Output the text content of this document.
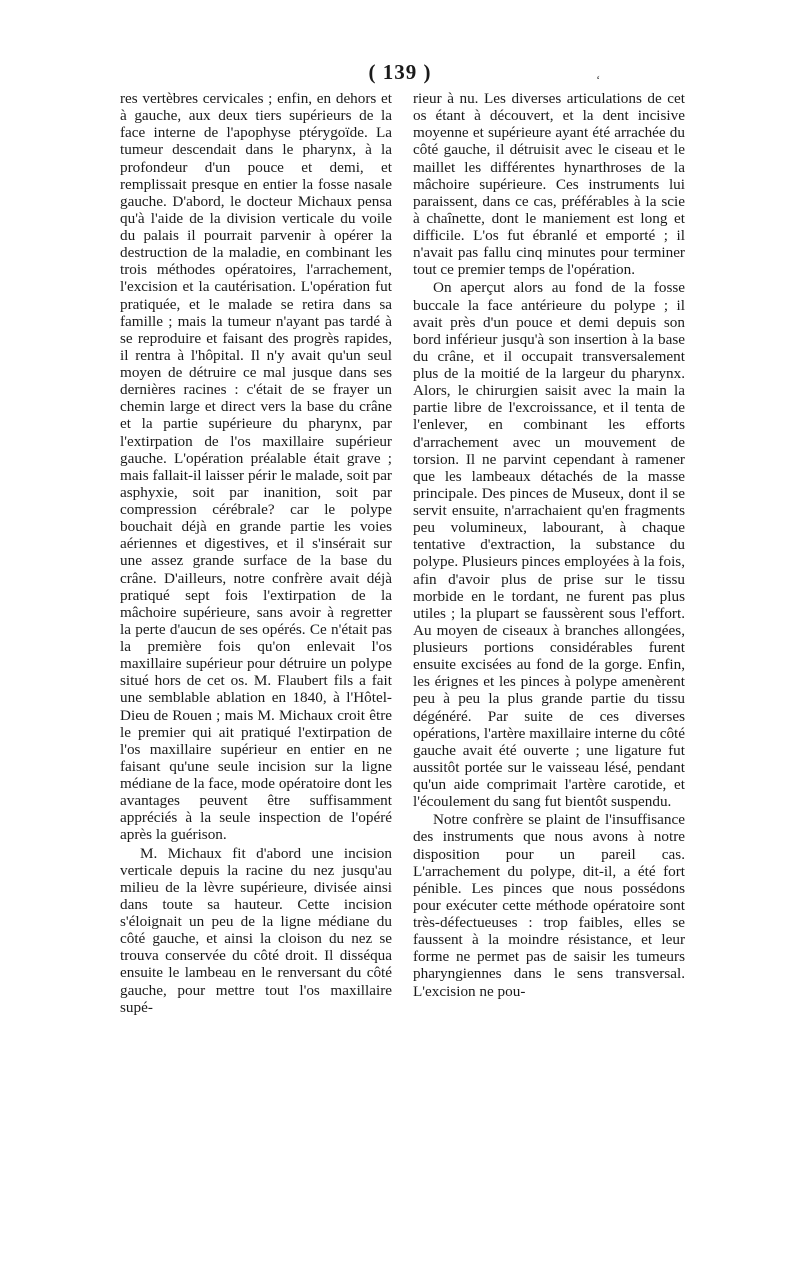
( 139 )	ʻ

res vertèbres cervicales ; enfin, en dehors et à gauche, aux deux tiers supérieurs de la face interne de l'apophyse ptérygoïde. La tumeur descendait dans le pharynx, à la profondeur d'un pouce et demi, et remplissait presque en entier la fosse nasale gauche. D'abord, le docteur Michaux pensa qu'à l'aide de la division verticale du voile du palais il pourrait parvenir à opérer la destruction de la maladie, en combinant les trois méthodes opératoires, l'arrachement, l'excision et la cautérisation. L'opération fut pratiquée, et le malade se retira dans sa famille ; mais la tumeur n'ayant pas tardé à se reproduire et faisant des progrès rapides, il rentra à l'hôpital. Il n'y avait qu'un seul moyen de détruire ce mal jusque dans ses dernières racines : c'était de se frayer un chemin large et direct vers la base du crâne et la partie supérieure du pharynx, par l'extirpation de l'os maxillaire supérieur gauche. L'opération préalable était grave ; mais fallait-il laisser périr le malade, soit par asphyxie, soit par inanition, soit par compression cérébrale? car le polype bouchait déjà en grande partie les voies aériennes et digestives, et il s'insérait sur une assez grande surface de la base du crâne. D'ailleurs, notre confrère avait déjà pratiqué sept fois l'extirpation de la mâchoire supérieure, sans avoir à regretter la perte d'aucun de ses opérés. Ce n'était pas la première fois qu'on enlevait l'os maxillaire supérieur pour détruire un polype situé hors de cet os. M. Flaubert fils a fait une semblable ablation en 1840, à l'Hôtel-Dieu de Rouen ; mais M. Michaux croit être le premier qui ait pratiqué l'extirpation de l'os maxillaire supérieur en entier en ne faisant qu'une seule incision sur la ligne médiane de la face, mode opératoire dont les avantages peuvent être suffisamment appréciés à la seule inspection de l'opéré après la guérison.

M. Michaux fit d'abord une incision verticale depuis la racine du nez jusqu'au milieu de la lèvre supérieure, divisée ainsi dans toute sa hauteur. Cette incision s'éloignait un peu de la ligne médiane du côté gauche, et ainsi la cloison du nez se trouva conservée du côté droit. Il disséqua ensuite le lambeau en le renversant du côté gauche, pour mettre tout l'os maxillaire supé-

rieur à nu. Les diverses articulations de cet os étant à découvert, et la dent incisive moyenne et supérieure ayant été arrachée du côté gauche, il détruisit avec le ciseau et le maillet les différentes hynarthroses de la mâchoire supérieure. Ces instruments lui paraissent, dans ce cas, préférables à la scie à chaînette, dont le maniement est long et difficile. L'os fut ébranlé et emporté ; il n'avait pas fallu cinq minutes pour terminer tout ce premier temps de l'opération.

On aperçut alors au fond de la fosse buccale la face antérieure du polype ; il avait près d'un pouce et demi depuis son bord inférieur jusqu'à son insertion à la base du crâne, et il occupait transversalement plus de la moitié de la largeur du pharynx. Alors, le chirurgien saisit avec la main la partie libre de l'excroissance, et il tenta de l'enlever, en combinant les efforts d'arrachement avec un mouvement de torsion. Il ne parvint cependant à ramener que les lambeaux détachés de la masse principale. Des pinces de Museux, dont il se servit ensuite, n'arrachaient qu'en fragments peu volumineux, labourant, à chaque tentative d'extraction, la substance du polype. Plusieurs pinces employées à la fois, afin d'avoir plus de prise sur le tissu morbide en le tordant, ne furent pas plus utiles ; la plupart se faussèrent sous l'effort. Au moyen de ciseaux à branches allongées, plusieurs portions considérables furent ensuite excisées au fond de la gorge. Enfin, les érignes et les pinces à polype amenèrent peu à peu la plus grande partie du tissu dégénéré. Par suite de ces diverses opérations, l'artère maxillaire interne du côté gauche avait été ouverte ; une ligature fut aussitôt portée sur le vaisseau lésé, pendant qu'un aide comprimait l'artère carotide, et l'écoulement du sang fut bientôt suspendu.

Notre confrère se plaint de l'insuffisance des instruments que nous avons à notre disposition pour un pareil cas. L'arrachement du polype, dit-il, a été fort pénible. Les pinces que nous possédons pour exécuter cette méthode opératoire sont très-défectueuses : trop faibles, elles se faussent à la moindre résistance, et leur forme ne permet pas de saisir les tumeurs pharyngiennes dans le sens transversal. L'excision ne pou-
